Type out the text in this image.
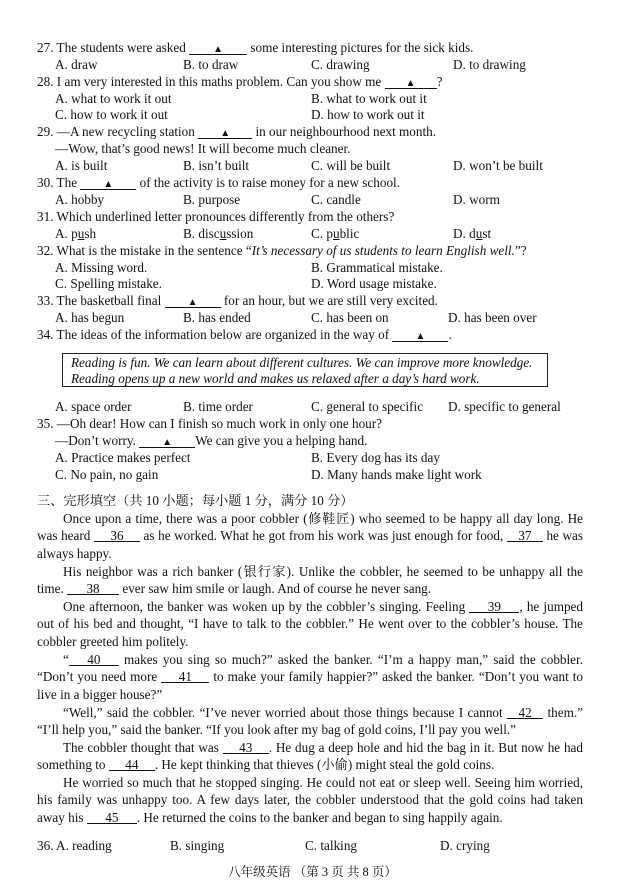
27. The students were asked	▲ some interesting pictures for the sick kids.
A. draw	B. to draw	C. drawing	D. to drawing
28. I am very interested in this maths problem. Can you show me ▲ ?
A. what to work it out	B. what to work out it
C. how to work it out	D. how to work out it
29. —A new recycling station	▲ in our neighbourhood next month.
—Wow, that’s good news! It will become much cleaner.
A. is built	B. isn’t built	C. will be built	D. won’t be built
30. The	▲ of the activity is to raise money for a new school.
A. hobby	B. purpose	C. candle	D. worm
31. Which underlined letter pronounces differently from the others?
A. push	B. discussion	C. public	D. dust
32. What is the mistake in the sentence “It’s necessary of us students to learn English well.”?
A. Missing word.	B. Grammatical mistake.
C. Spelling mistake.	D. Word usage mistake.
33. The basketball final	▲ for an hour, but we are still very excited.
A. has begun	B. has ended	C. has been on	D. has been over
34. The ideas of the information below are organized in the way of	▲ .
Reading is fun. We can learn about different cultures. We can improve more knowledge.
Reading opens up a new world and makes us relaxed after a day’s hard work.
A. space order	B. time order	C. general to specific D. specific to general
35. —Oh dear! How can I finish so much work in only one hour?
—Don’t worry.	▲ We can give you a helping hand.
A. Practice makes perfect	B. Every dog has its day
C. No pain, no gain	D. Many hands make light work
三、完形填空（共 10 小题；每小题 1 分，满分 10 分）
Once upon a time, there was a poor cobbler (修鞋匠) who seemed to be happy all day long. He was heard 36 as he worked. What he got from his work was just enough for food, 37 he was always happy.
His neighbor was a rich banker (银行家). Unlike the cobbler, he seemed to be unhappy all the time. 38 ever saw him smile or laugh. And of course he never sang.
One afternoon, the banker was woken up by the cobbler’s singing. Feeling 39 , he jumped out of his bed and thought, “I have to talk to the cobbler.” He went over to the cobbler’s house. The cobbler greeted him politely.
“ 40 makes you sing so much?” asked the banker. “I’m a happy man,” said the cobbler. “Don’t you need more 41 to make your family happier?” asked the banker. “Don’t you want to live in a bigger house?”
“Well,” said the cobbler. “I’ve never worried about those things because I cannot 42 them.” “I’ll help you,” said the banker. “If you look after my bag of gold coins, I’ll pay you well.”
The cobbler thought that was 43 . He dug a deep hole and hid the bag in it. But now he had something to 44 . He kept thinking that thieves (小偷) might steal the gold coins.
He worried so much that he stopped singing. He could not eat or sleep well. Seeing him worried, his family was unhappy too. A few days later, the cobbler understood that the gold coins had taken away his 45 . He returned the coins to the banker and began to sing happily again.
36. A. reading	B. singing	C. talking	D. crying
八年级英语 （第 3 页 共 8 页）
